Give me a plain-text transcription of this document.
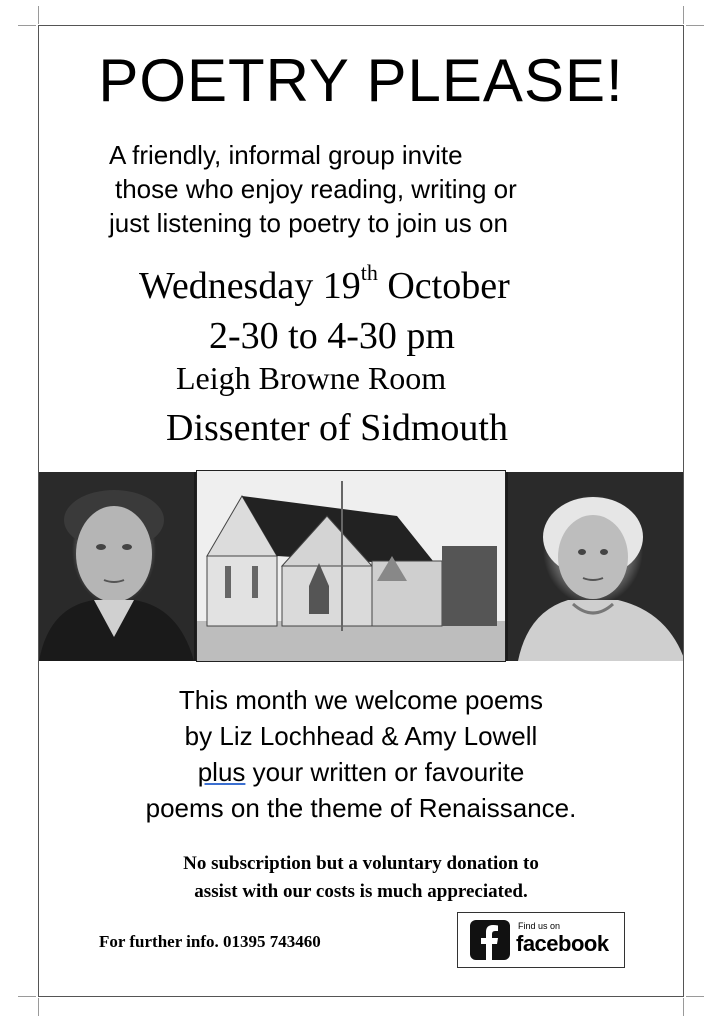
POETRY PLEASE!
A friendly, informal group invite
those who enjoy reading, writing or
just listening to poetry to join us on
Wednesday 19th October
2-30 to 4-30 pm
Leigh Browne Room
Dissenter of Sidmouth
This month we welcome poems
by Liz Lochhead & Amy Lowell
plus your written or favourite
poems on the theme of Renaissance.
No subscription but a voluntary donation to
assist with our costs is much appreciated.
For further info. 01395 743460
Find us on
facebook
